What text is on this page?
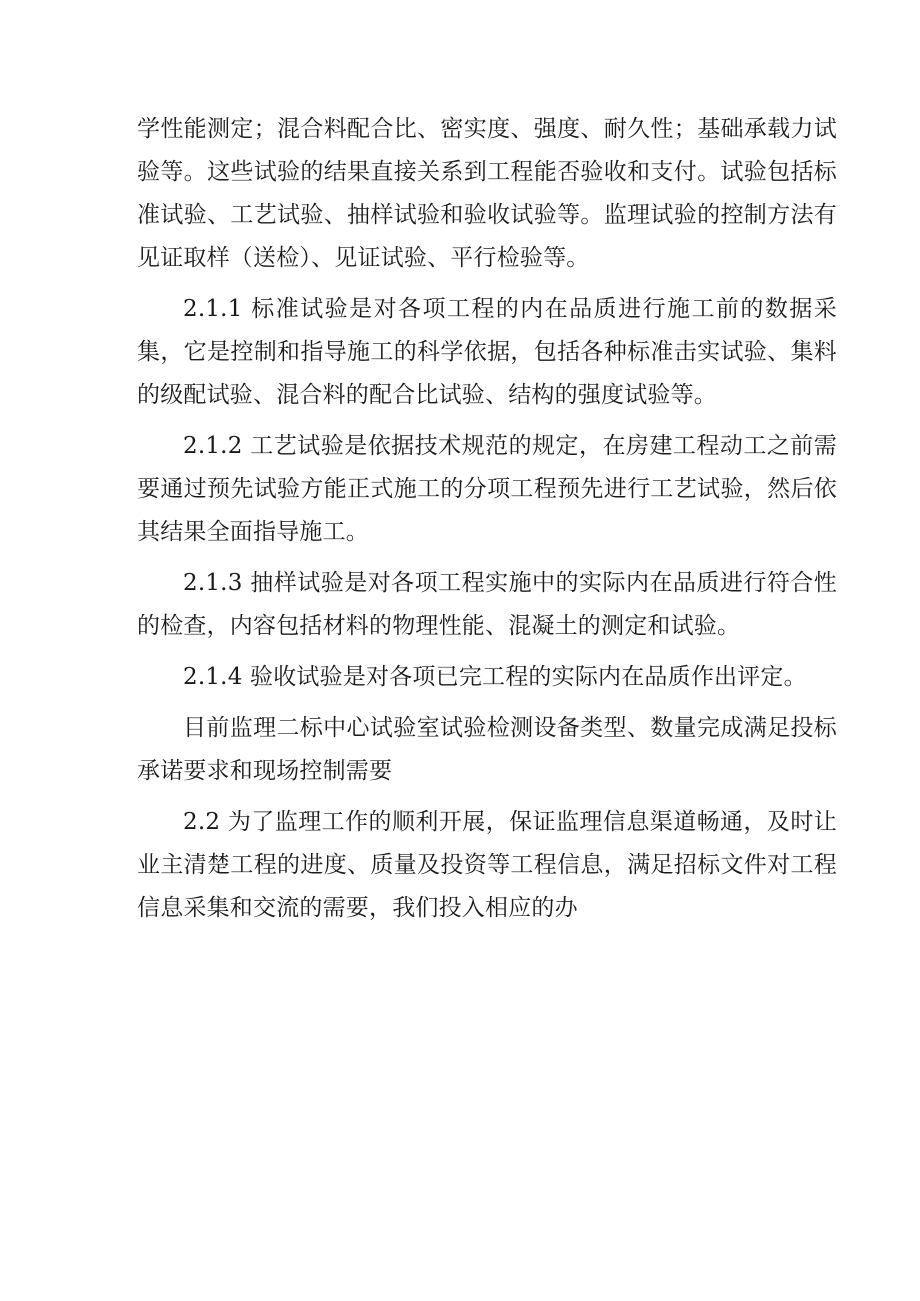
学性能测定；混合料配合比、密实度、强度、耐久性；基础承载力试验等。这些试验的结果直接关系到工程能否验收和支付。试验包括标准试验、工艺试验、抽样试验和验收试验等。监理试验的控制方法有见证取样（送检）、见证试验、平行检验等。

2.1.1 标准试验是对各项工程的内在品质进行施工前的数据采集，它是控制和指导施工的科学依据，包括各种标准击实试验、集料的级配试验、混合料的配合比试验、结构的强度试验等。

2.1.2 工艺试验是依据技术规范的规定，在房建工程动工之前需要通过预先试验方能正式施工的分项工程预先进行工艺试验，然后依其结果全面指导施工。

2.1.3 抽样试验是对各项工程实施中的实际内在品质进行符合性的检查，内容包括材料的物理性能、混凝土的测定和试验。

2.1.4 验收试验是对各项已完工程的实际内在品质作出评定。

目前监理二标中心试验室试验检测设备类型、数量完成满足投标承诺要求和现场控制需要

2.2 为了监理工作的顺利开展，保证监理信息渠道畅通，及时让业主清楚工程的进度、质量及投资等工程信息，满足招标文件对工程信息采集和交流的需要，我们投入相应的办
